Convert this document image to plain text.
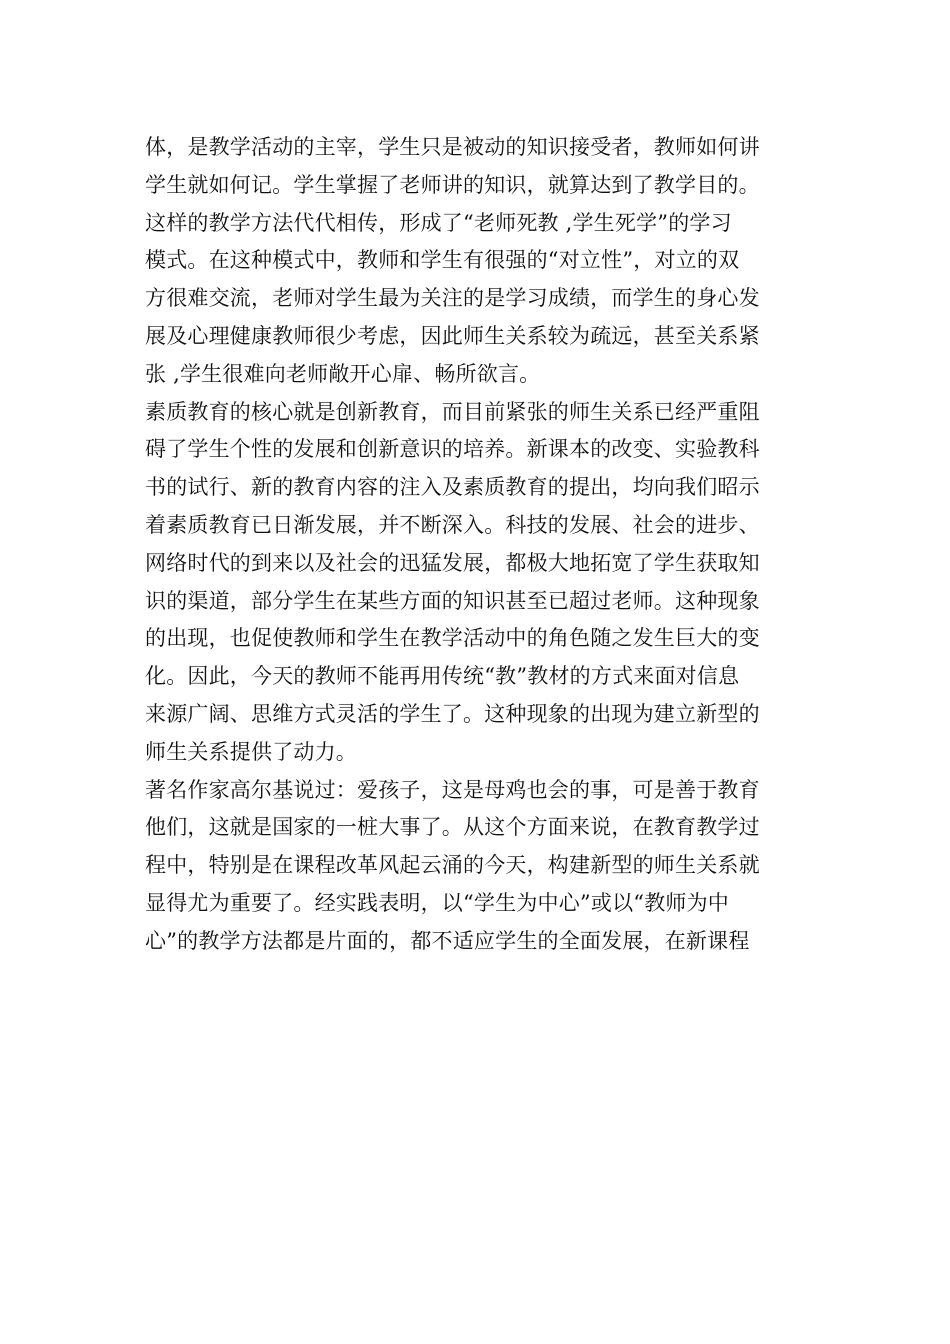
体，是教学活动的主宰，学生只是被动的知识接受者，教师如何讲
学生就如何记。学生掌握了老师讲的知识，就算达到了教学目的。
这样的教学方法代代相传，形成了“老师死教 ,学生死学”的学习
模式。在这种模式中，教师和学生有很强的“对立性”，对立的双
方很难交流，老师对学生最为关注的是学习成绩，而学生的身心发
展及心理健康教师很少考虑，因此师生关系较为疏远，甚至关系紧
张 ,学生很难向老师敞开心扉、畅所欲言。
素质教育的核心就是创新教育，而目前紧张的师生关系已经严重阻
碍了学生个性的发展和创新意识的培养。新课本的改变、实验教科
书的试行、新的教育内容的注入及素质教育的提出，均向我们昭示
着素质教育已日渐发展，并不断深入。科技的发展、社会的进步、
网络时代的到来以及社会的迅猛发展，都极大地拓宽了学生获取知
识的渠道，部分学生在某些方面的知识甚至已超过老师。这种现象
的出现，也促使教师和学生在教学活动中的角色随之发生巨大的变
化。因此，今天的教师不能再用传统“教”教材的方式来面对信息
来源广阔、思维方式灵活的学生了。这种现象的出现为建立新型的
师生关系提供了动力。
著名作家高尔基说过：爱孩子，这是母鸡也会的事，可是善于教育
他们，这就是国家的一桩大事了。从这个方面来说，在教育教学过
程中，特别是在课程改革风起云涌的今天，构建新型的师生关系就
显得尤为重要了。经实践表明，以“学生为中心”或以“教师为中
心”的教学方法都是片面的，都不适应学生的全面发展，在新课程
